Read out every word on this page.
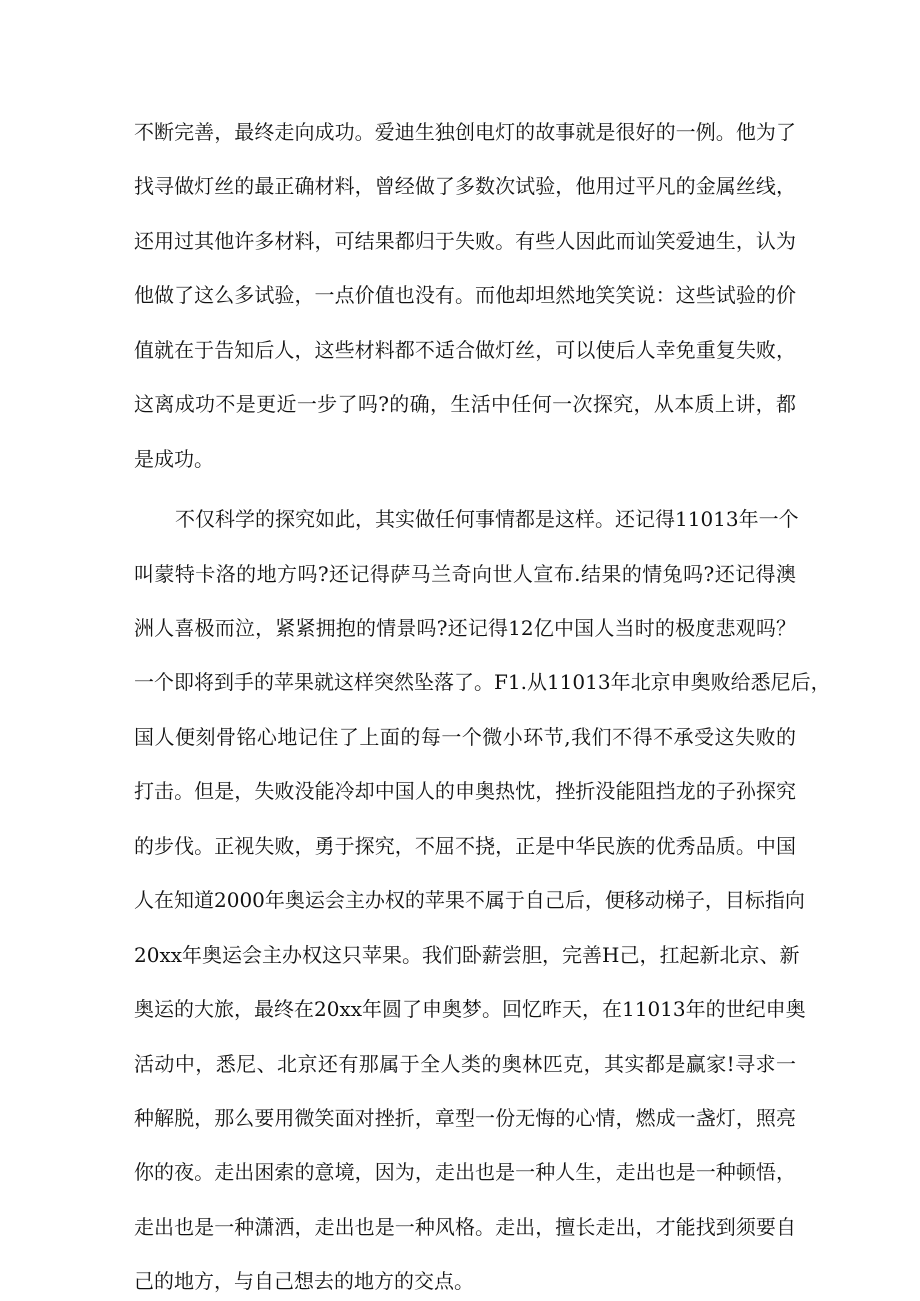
不断完善，最终走向成功。爱迪生独创电灯的故事就是很好的一例。他为了
找寻做灯丝的最正确材料，曾经做了多数次试验，他用过平凡的金属丝线，
还用过其他许多材料，可结果都归于失败。有些人因此而讪笑爱迪生，认为
他做了这么多试验，一点价值也没有。而他却坦然地笑笑说：这些试验的价
值就在于告知后人，这些材料都不适合做灯丝，可以使后人幸免重复失败，
这离成功不是更近一步了吗?的确，生活中任何一次探究，从本质上讲，都
是成功。
不仅科学的探究如此，其实做任何事情都是这样。还记得11013年一个
叫蒙特卡洛的地方吗?还记得萨马兰奇向世人宣布.结果的情兔吗?还记得澳
洲人喜极而泣，紧紧拥抱的情景吗?还记得12亿中国人当时的极度悲观吗？
一个即将到手的苹果就这样突然坠落了。F1.从11013年北京申奥败给悉尼后，
国人便刻骨铭心地记住了上面的每一个微小环节,我们不得不承受这失败的
打击。但是，失败没能冷却中国人的申奥热忱，挫折没能阻挡龙的子孙探究
的步伐。正视失败，勇于探究，不屈不挠，正是中华民族的优秀品质。中国
人在知道2000年奥运会主办权的苹果不属于自己后，便移动梯子，目标指向
20xx年奥运会主办权这只苹果。我们卧薪尝胆，完善H己，扛起新北京、新
奥运的大旅，最终在20xx年圆了申奥梦。回忆昨天，在11013年的世纪申奥
活动中，悉尼、北京还有那属于全人类的奥林匹克，其实都是赢家!寻求一
种解脱，那么要用微笑面对挫折，章型一份无悔的心情，燃成一盏灯，照亮
你的夜。走出困索的意境，因为，走出也是一种人生，走出也是一种顿悟，
走出也是一种潇洒，走出也是一种风格。走出，擅长走出，才能找到须要自
己的地方，与自己想去的地方的交点。
